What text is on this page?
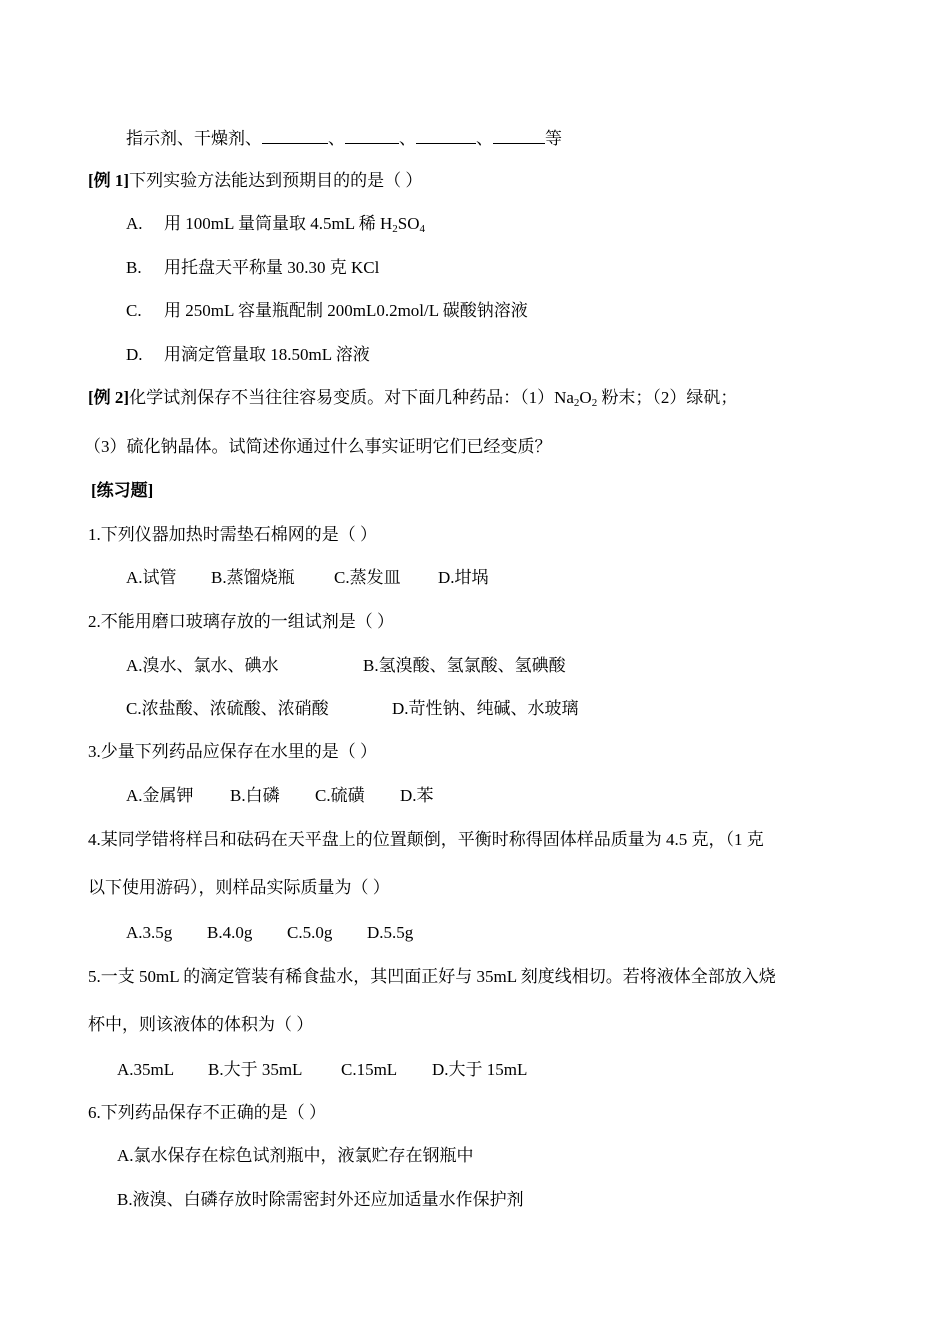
指示剂、干燥剂、	、	、	、	等
[例 1]下列实验方法能达到预期目的的是（ ）
A. 用 100mL 量筒量取 4.5mL 稀 $H_2SO_4$
B. 用托盘天平称量 30.30 克 KCl
C. 用 250mL 容量瓶配制 200mL0.2mol/L 碳酸钠溶液
D. 用滴定管量取 18.50mL 溶液
[例 2]化学试剂保存不当往往容易变质。对下面几种药品：$(1)Na_2O_2$ 粉末；（2）绿矾；
（3）硫化钠晶体。试简述你通过什么事实证明它们已经变质？
[练习题]
1.下列仪器加热时需垫石棉网的是（ ）
A.试管 B.蒸馏烧瓶 C.蒸发皿 D.坩埚
2.不能用磨口玻璃存放的一组试剂是（ ）
A.溴水、氯水、碘水	B.氢溴酸、氢氯酸、氢碘酸
C.浓盐酸、浓硫酸、浓硝酸	D.苛性钠、纯碱、水玻璃
3.少量下列药品应保存在水里的是（ ）
A.金属钾 B.白磷 C.硫磺 D.苯
4.某同学错将样吕和砝码在天平盘上的位置颠倒，平衡时称得固体样品质量为 4.5 克，（1 克
以下使用游码），则样品实际质量为（ ）
A.3.5g B.4.0g C.5.0g D.5.5g
5.一支 50mL 的滴定管装有稀食盐水，其凹面正好与 35mL 刻度线相切。若将液体全部放入烧
杯中，则该液体的体积为（ ）
A.35mL B.大于 35mL C.15mL D.大于 15mL
6.下列药品保存不正确的是（ ）
A.氯水保存在棕色试剂瓶中，液氯贮存在钢瓶中
B.液溴、白磷存放时除需密封外还应加适量水作保护剂
